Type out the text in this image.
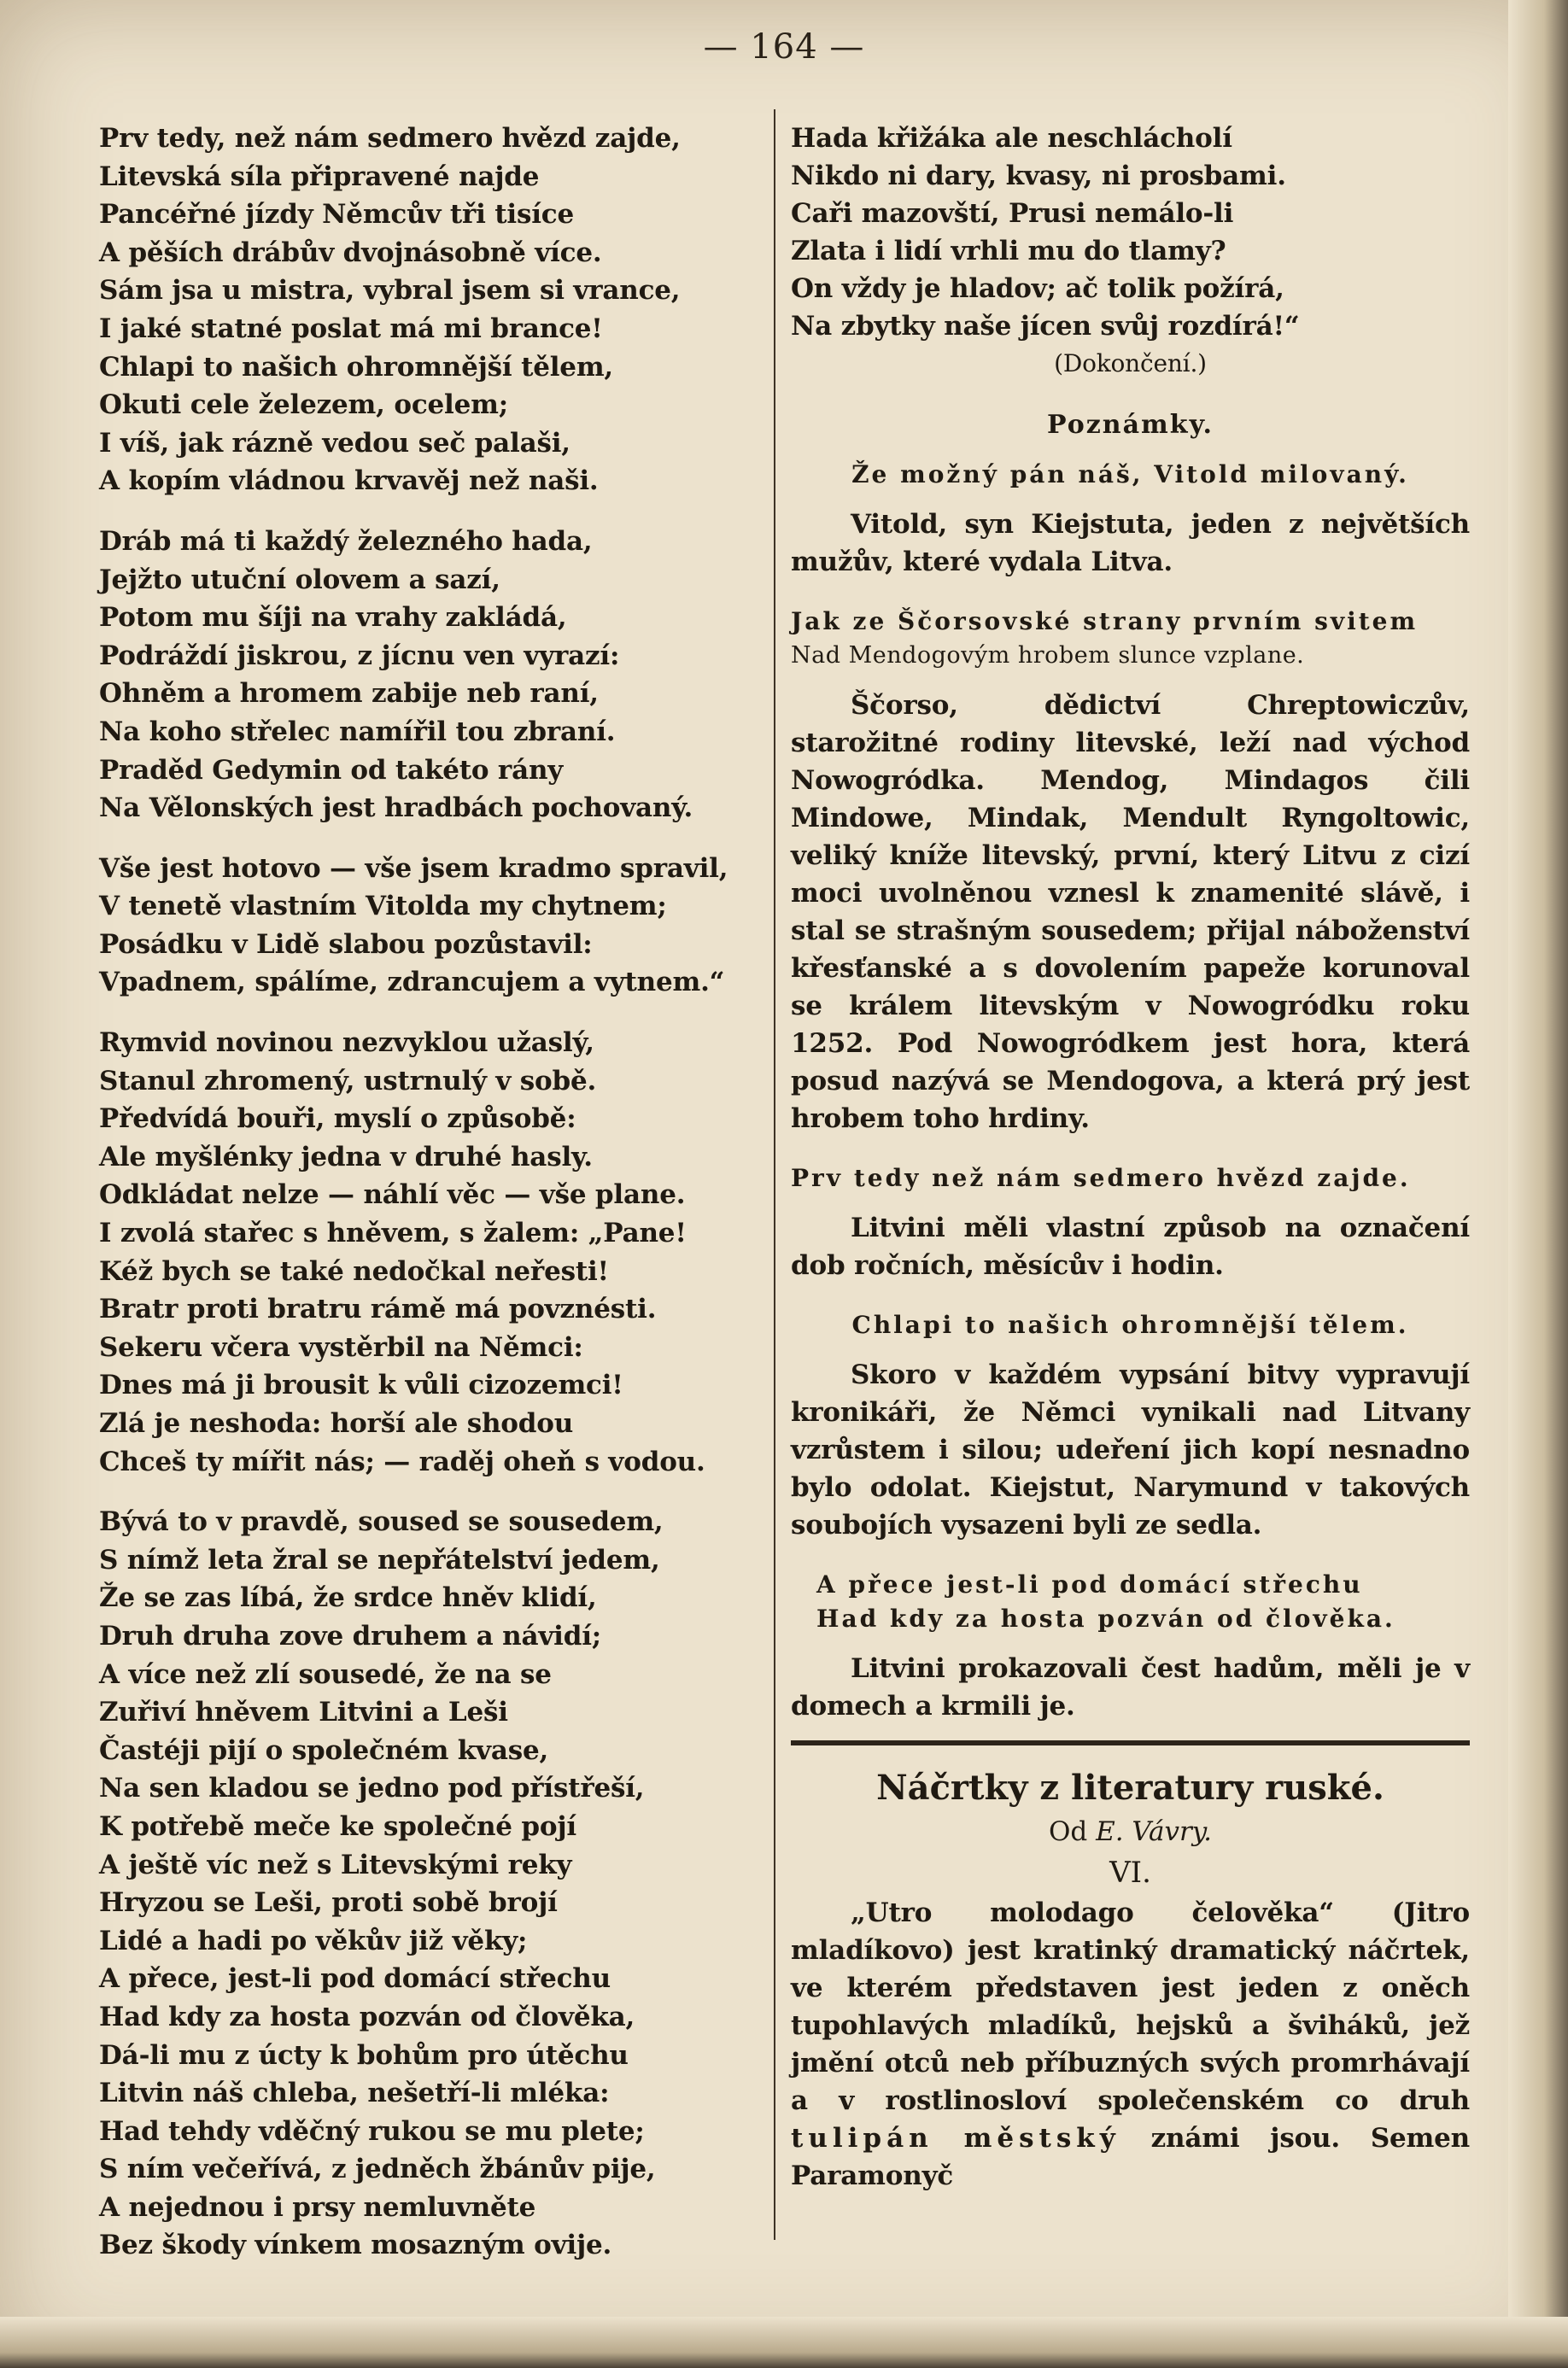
— 164 —
Prv tedy, než nám sedmero hvězd zajde,
Litevská síla připravené najde
Pancéřné jízdy Němcův tři tisíce
A pěších drábův dvojnásobně více.
Sám jsa u mistra, vybral jsem si vrance,
I jaké statné poslat má mi brance!
Chlapi to našich ohromnější tělem,
Okuti cele železem, ocelem;
I víš, jak rázně vedou seč palaši,
A kopím vládnou krvavěj než naši.
Dráb má ti každý železného hada,
Jejžto utuční olovem a sazí,
Potom mu šíji na vrahy zakládá,
Podráždí jiskrou, z jícnu ven vyrazí:
Ohněm a hromem zabije neb raní,
Na koho střelec namířil tou zbraní.
Praděd Gedymin od takéto rány
Na Vělonských jest hradbách pochovaný.
Vše jest hotovo — vše jsem kradmo spravil,
V tenetě vlastním Vitolda my chytnem;
Posádku v Lidě slabou pozůstavil:
Vpadnem, spálíme, zdrancujem a vytnem.“
Rymvid novinou nezvyklou užaslý,
Stanul zhromený, ustrnulý v sobě.
Předvídá bouři, myslí o způsobě:
Ale myšlénky jedna v druhé hasly.
Odkládat nelze — náhlí věc — vše plane.
I zvolá stařec s hněvem, s žalem: „Pane!
Kéž bych se také nedočkal neřesti!
Bratr proti bratru rámě má povznésti.
Sekeru včera vystěrbil na Němci:
Dnes má ji brousit k vůli cizozemci!
Zlá je neshoda: horší ale shodou
Chceš ty mířit nás; — raděj oheň s vodou.
Bývá to v pravdě, soused se sousedem,
S nímž leta žral se nepřátelství jedem,
Že se zas líbá, že srdce hněv klidí,
Druh druha zove druhem a návidí;
A více než zlí sousedé, že na se
Zuřiví hněvem Litvini a Leši
Častéji pijí o společném kvase,
Na sen kladou se jedno pod přístřeší,
K potřebě meče ke společné pojí
A ještě víc než s Litevskými reky
Hryzou se Leši, proti sobě brojí
Lidé a hadi po věkův již věky;
A přece, jest-li pod domácí střechu
Had kdy za hosta pozván od člověka,
Dá-li mu z úcty k bohům pro útěchu
Litvin náš chleba, nešetří-li mléka:
Had tehdy vděčný rukou se mu plete;
S ním večeřívá, z jedněch žbánův pije,
A nejednou i prsy nemluvněte
Bez škody vínkem mosazným ovije.
Hada křižáka ale neschlácholí
Nikdo ni dary, kvasy, ni prosbami.
Caři mazovští, Prusi nemálo-li
Zlata i lidí vrhli mu do tlamy?
On vždy je hladov; ač tolik požírá,
Na zbytky naše jícen svůj rozdírá!“
(Dokončení.)
Poznámky.
Že možný pán náš, Vitold milovaný.
Vitold, syn Kiejstuta, jeden z největších mužův, které vydala Litva.
Jak ze Ščorsovské strany prvním svitem
Nad Mendogovým hrobem slunce vzplane.
Ščorso, dědictví Chreptowiczův, starožitné rodiny litevské, leží nad východ Nowogródka. Mendog, Mindagos čili Mindowe, Mindak, Mendult Ryngoltowic, veliký kníže litevský, první, který Litvu z cizí moci uvolněnou vznesl k znamenité slávě, i stal se strašným sousedem; přijal náboženství křesťanské a s dovolením papeže korunoval se králem litevským v Nowogródku roku 1252. Pod Nowogródkem jest hora, která posud nazývá se Mendogova, a která prý jest hrobem toho hrdiny.
Prv tedy než nám sedmero hvězd zajde.
Litvini měli vlastní způsob na označení dob ročních, měsícův i hodin.
Chlapi to našich ohromnější tělem.
Skoro v každém vypsání bitvy vypravují kronikáři, že Němci vynikali nad Litvany vzrůstem i silou; udeření jich kopí nesnadno bylo odolat. Kiejstut, Narymund v takových soubojích vysazeni byli ze sedla.
A přece jest-li pod domácí střechu
Had kdy za hosta pozván od člověka.
Litvini prokazovali čest hadům, měli je v domech a krmili je.
Náčrtky z literatury ruské.
Od E. Vávry.
VI.
„Utro molodago čelověka“ (Jitro mladíkovo) jest kratinký dramatický náčrtek, ve kterém představen jest jeden z oněch tupohlavých mladíků, hejsků a šviháků, jež jmění otců neb příbuzných svých promrhávají a v rostlinosloví společenském co druh tulipán městský známi jsou. Semen Paramonyč
